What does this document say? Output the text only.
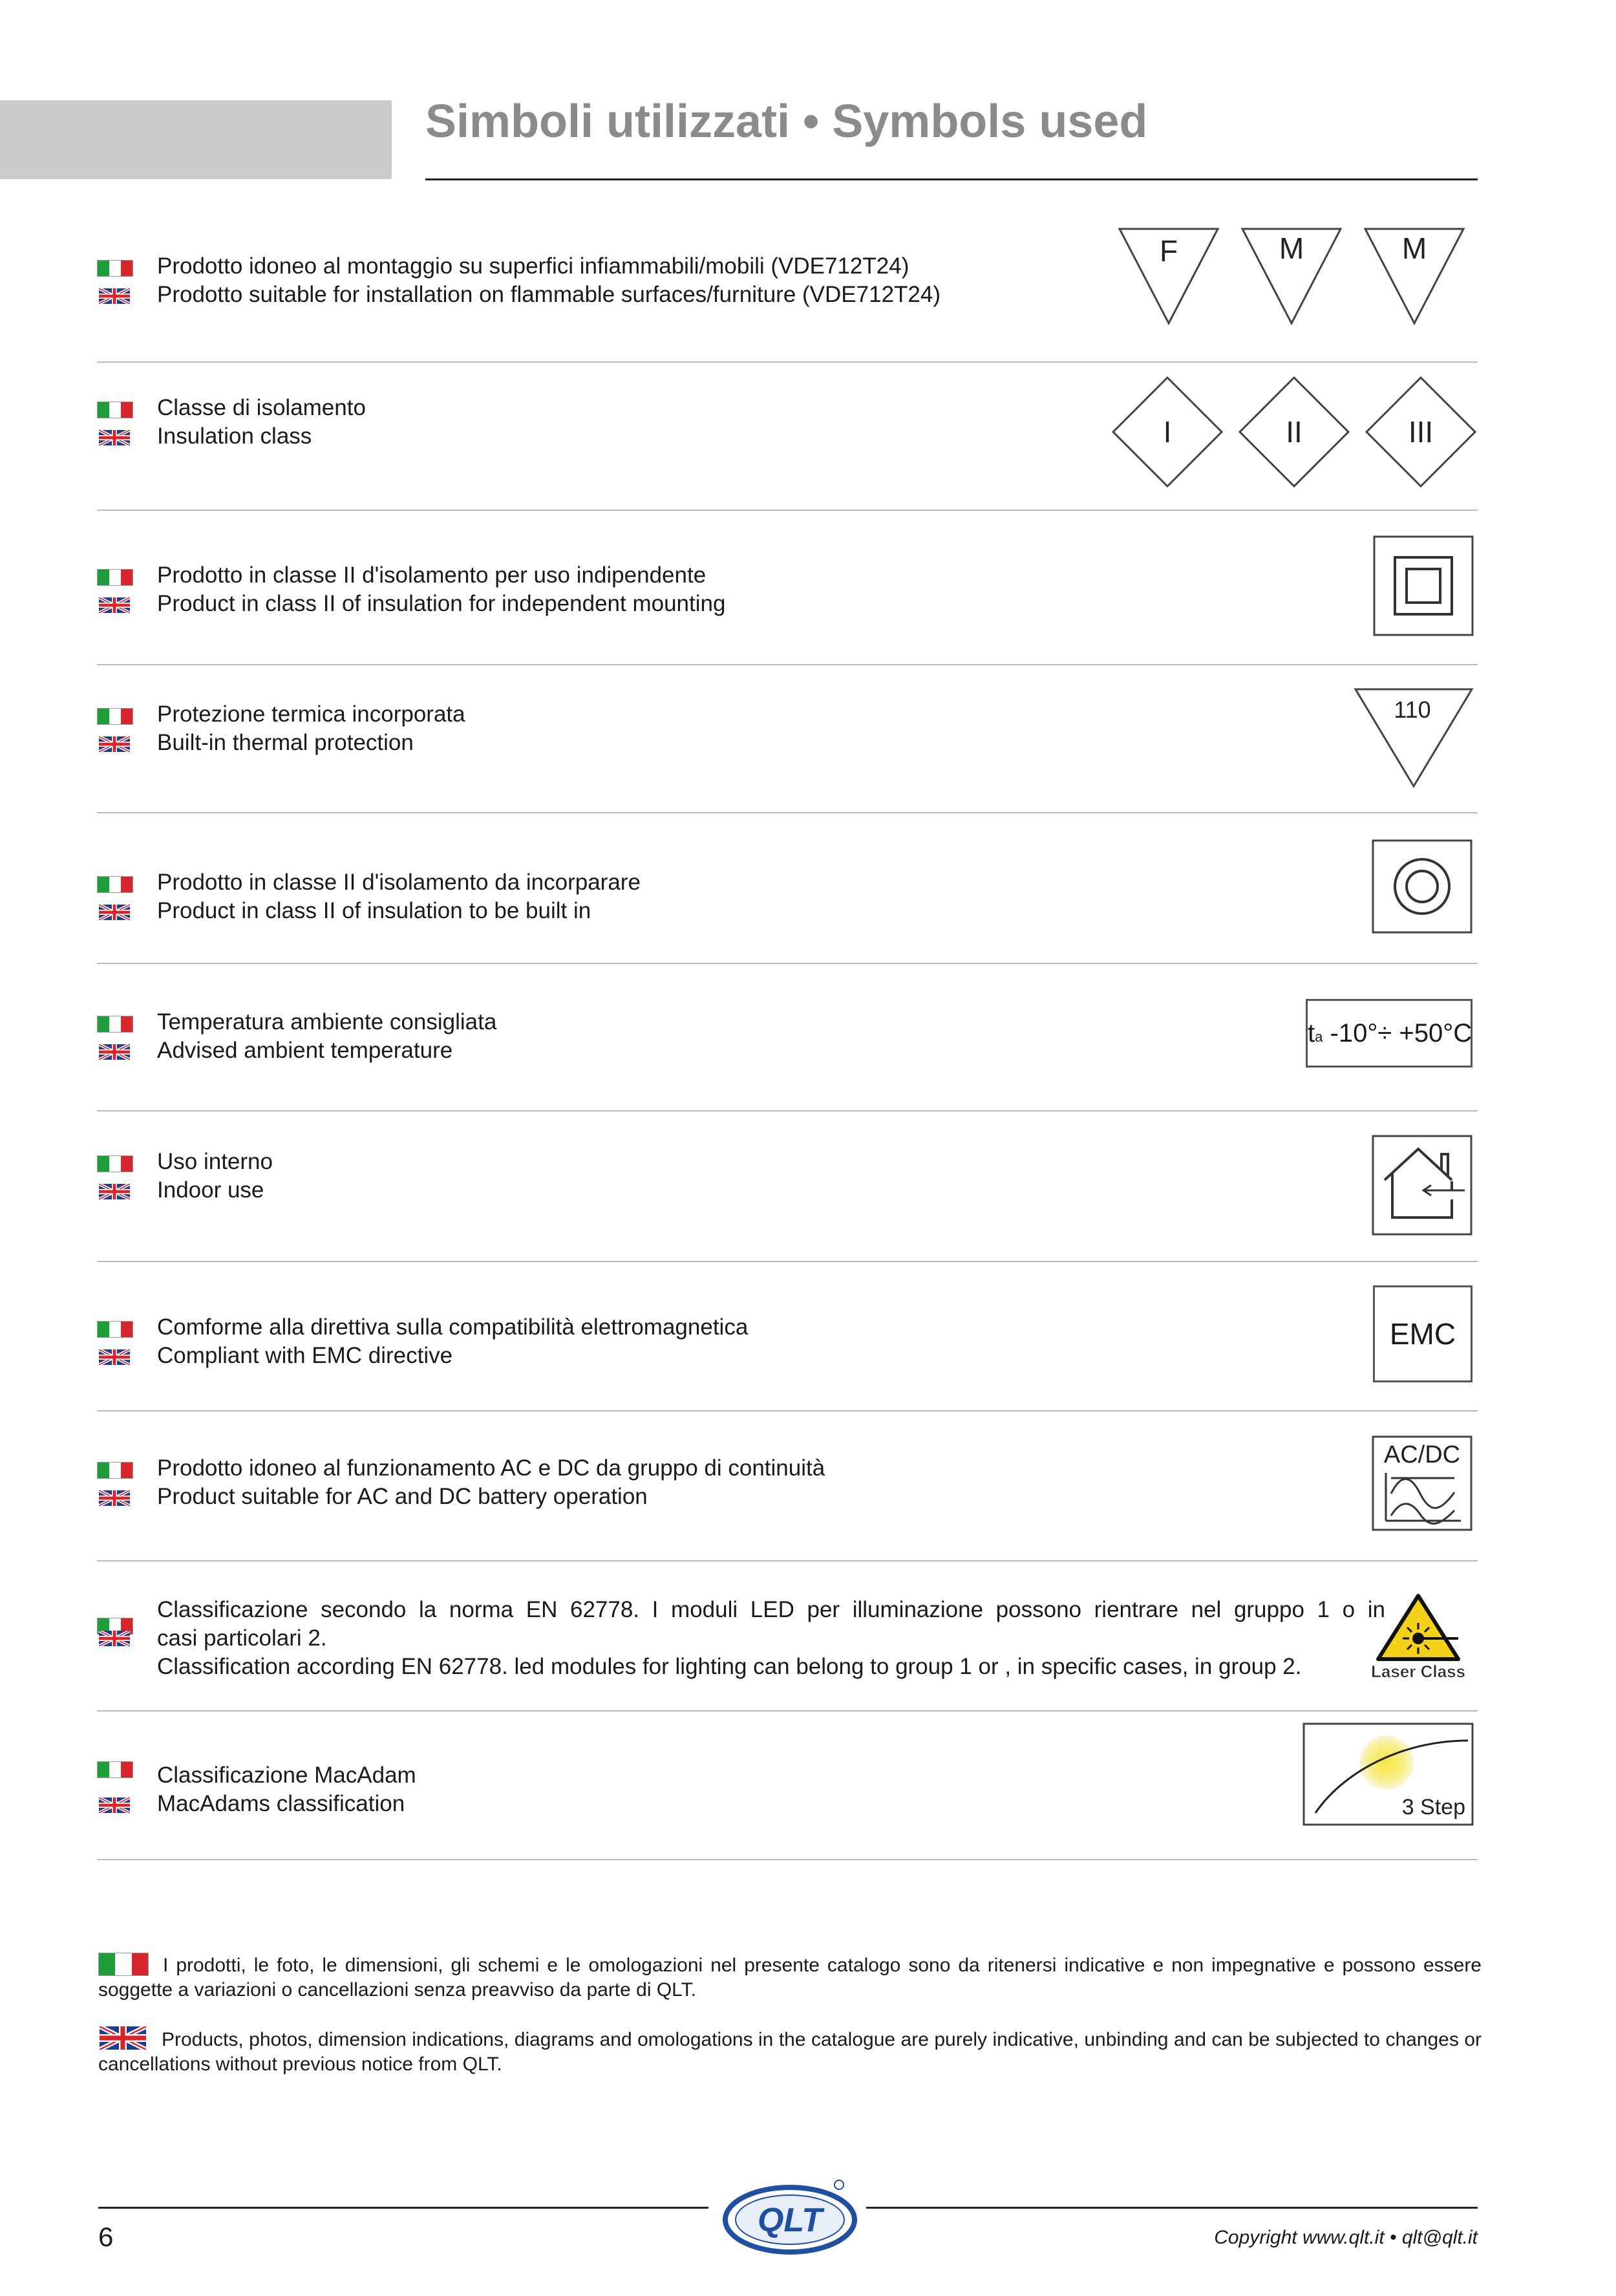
Simboli utilizzati • Symbols used
Prodotto idoneo al montaggio su superfici infiammabili/mobili (VDE712T24)
Prodotto suitable for installation on flammable surfaces/furniture (VDE712T24)
F	M	M
Classe di isolamento
Insulation class	I	II	III
Prodotto in classe II d'isolamento per uso indipendente
Product in class II of insulation for independent mounting
Protezione termica incorporata
Built-in thermal protection
110
Prodotto in classe II d'isolamento da incorparare
Product in class II of insulation to be built in
Temperatura ambiente consigliata
Advised ambient temperature
ta -10°÷ +50°C
Uso interno
Indoor use
Comforme alla direttiva sulla compatibilità elettromagnetica
Compliant with EMC directive
EMC
Prodotto idoneo al funzionamento AC e DC da gruppo di continuità
Product suitable for AC and DC battery operation
AC/DC
Classificazione secondo la norma EN 62778. I moduli LED per illuminazione possono rientrare nel gruppo 1 o in
casi particolari 2.
Classification according EN 62778. led modules for lighting can belong to group 1 or , in specific cases, in group 2.	Laser Class
Classificazione MacAdam
MacAdams classification	3 Step
I prodotti, le foto, le dimensioni, gli schemi e le omologazioni nel presente catalogo sono da ritenersi indicative e non impegnative e possono essere soggette a variazioni o cancellazioni senza preavviso da parte di QLT.
Products, photos, dimension indications, diagrams and omologations in the catalogue are purely indicative, unbinding and can be subjected to changes or cancellations without previous notice from QLT.
QLT
6	Copyright www.qlt.it • qlt@qlt.it
